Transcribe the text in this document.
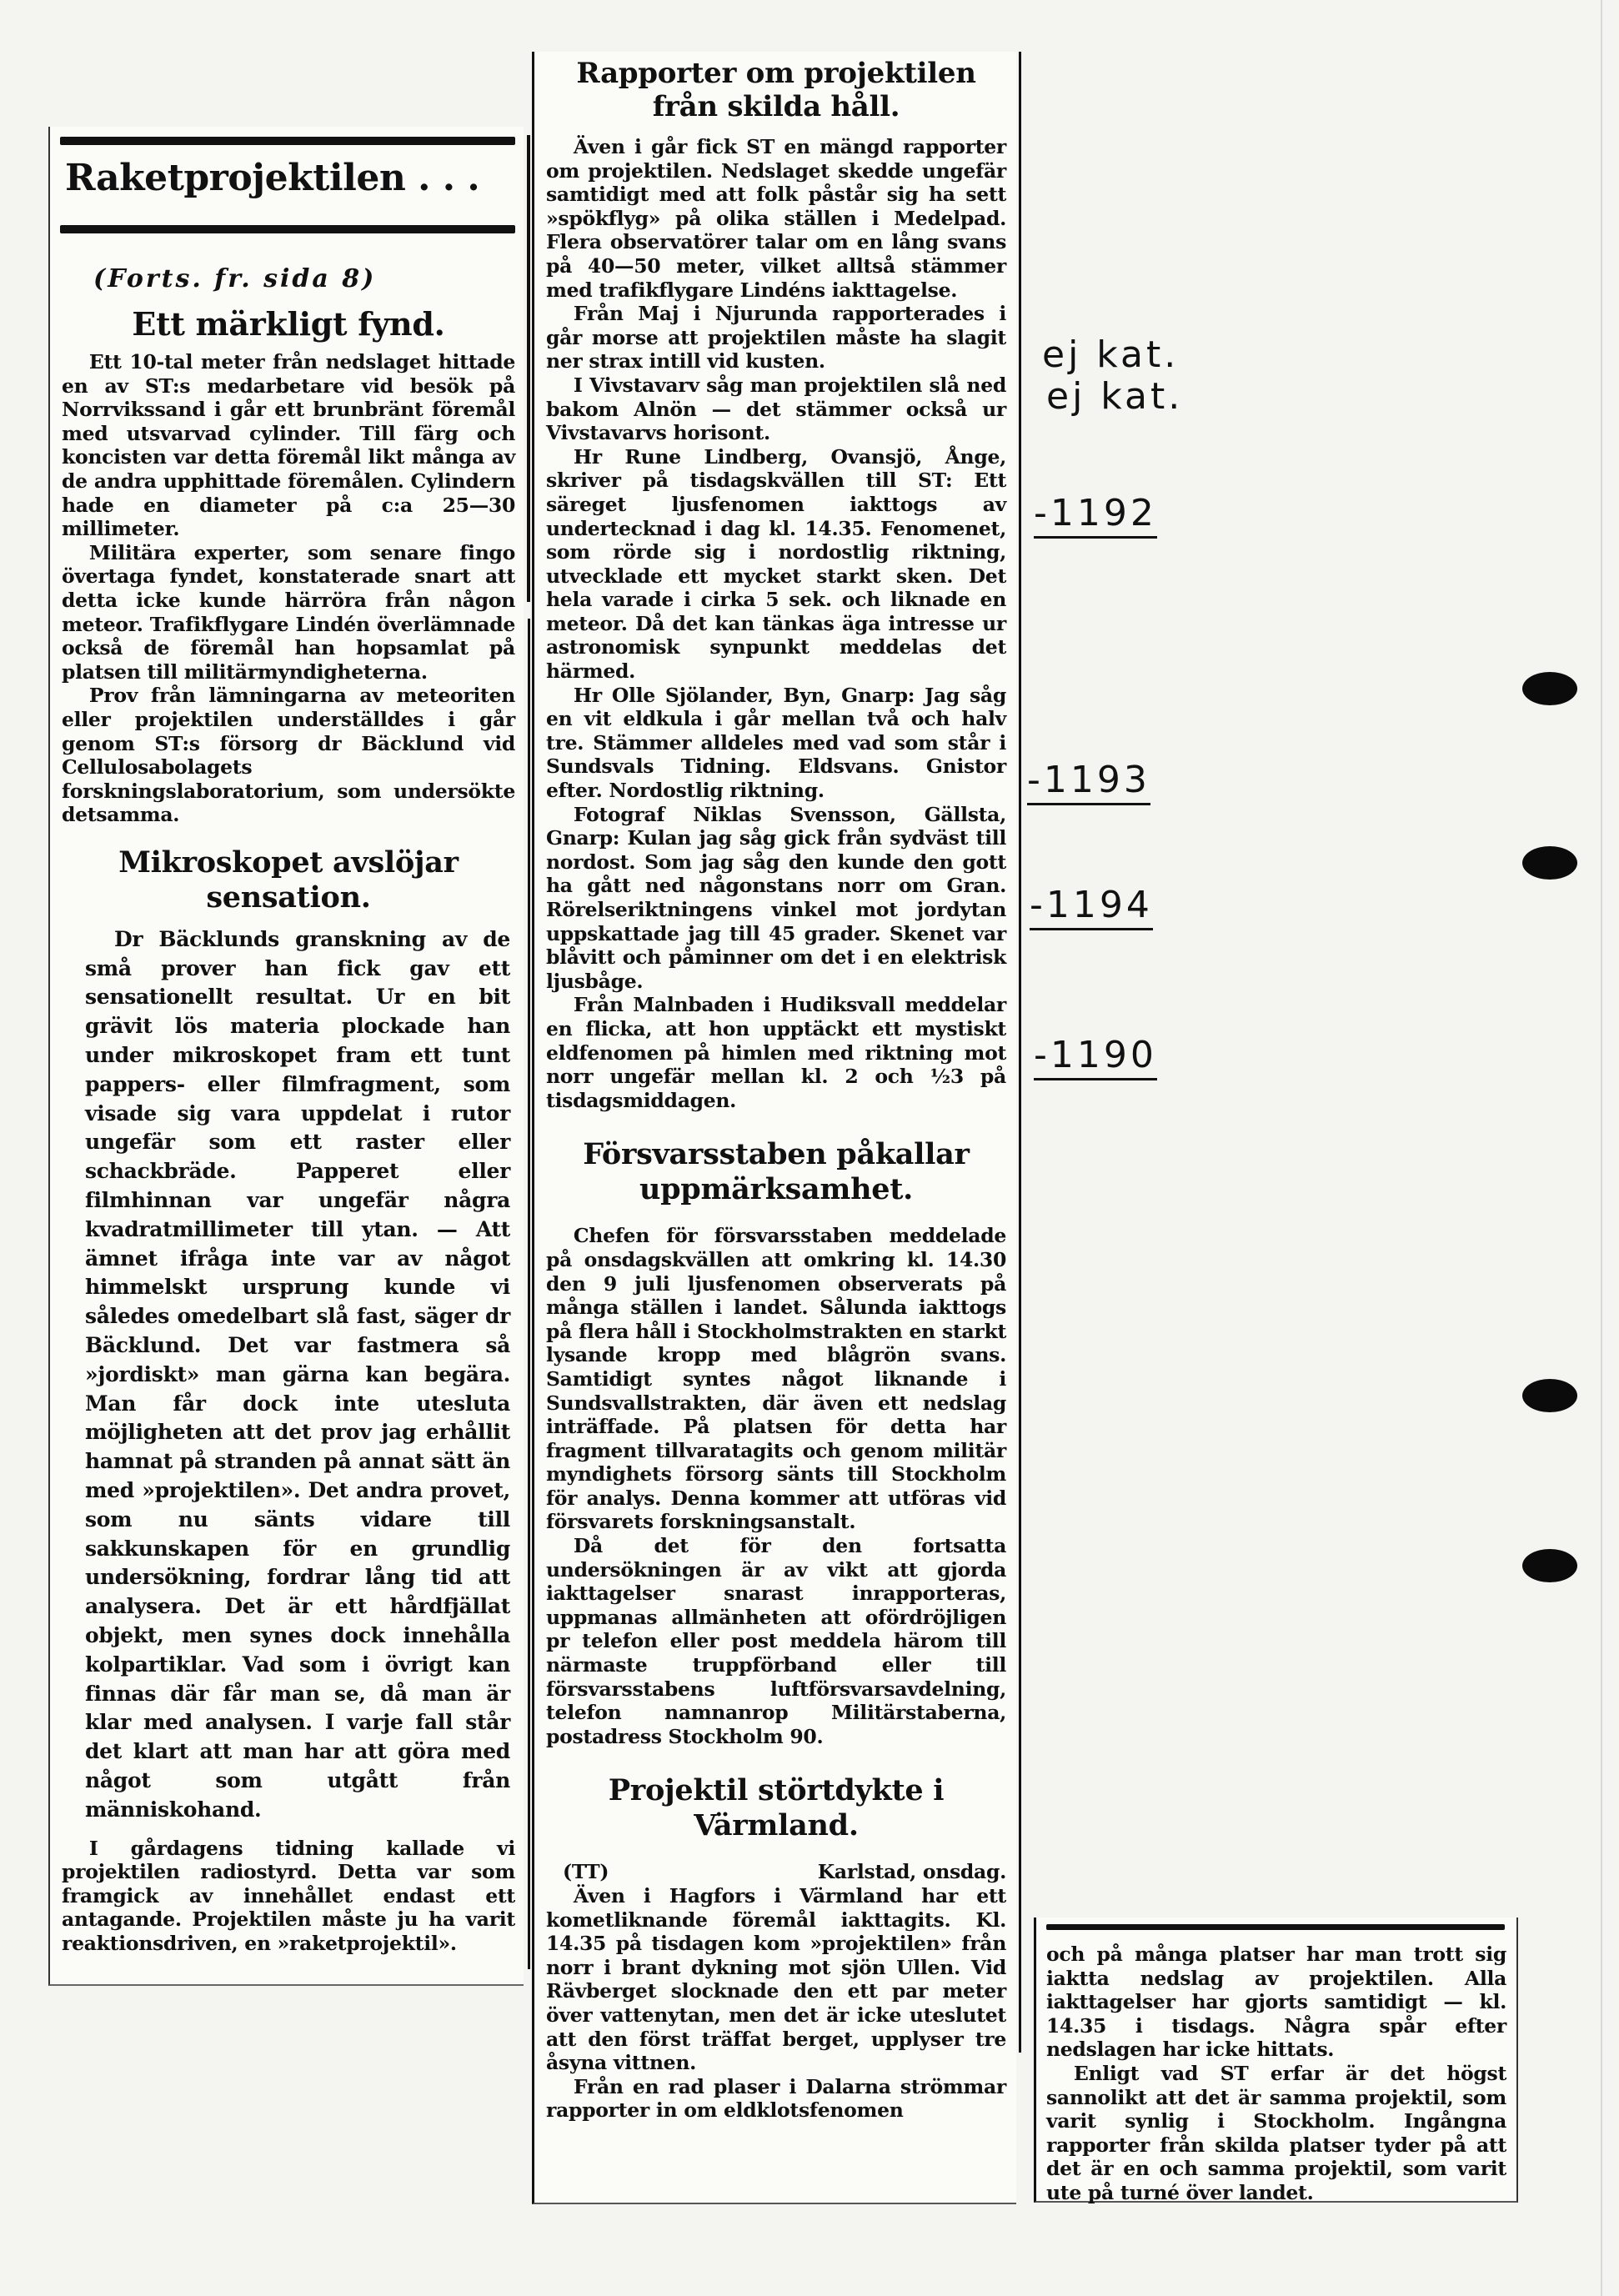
Raketprojektilen . . .
(Forts. fr. sida 8)
Ett märkligt fynd.

Ett 10-tal meter från nedslaget hittade en av ST:s medarbetare vid besök på Norrvikssand i går ett brunbränt föremål med utsvarvad cylinder. Till färg och koncisten var detta föremål likt många av de andra upphittade föremålen. Cylindern hade en diameter på c:a 25—30 millimeter.

Militära experter, som senare fingo övertaga fyndet, konstaterade snart att detta icke kunde härröra från någon meteor. Trafikflygare Lindén överlämnade också de föremål han hopsamlat på platsen till militärmyndigheterna.

Prov från lämningarna av meteoriten eller projektilen underställdes i går genom ST:s försorg dr Bäcklund vid Cellulosabolagets forskningslaboratorium, som undersökte detsamma.

Mikroskopet avslöjar sensation.

Dr Bäcklunds granskning av de små prover han fick gav ett sensationellt resultat. Ur en bit grävit lös materia plockade han under mikroskopet fram ett tunt pappers- eller filmfragment, som visade sig vara uppdelat i rutor ungefär som ett raster eller schackbräde. Papperet eller filmhinnan var ungefär några kvadratmillimeter till ytan. — Att ämnet ifråga inte var av något himmelskt ursprung kunde vi således omedelbart slå fast, säger dr Bäcklund. Det var fastmera så »jordiskt» man gärna kan begära. Man får dock inte utesluta möjligheten att det prov jag erhållit hamnat på stranden på annat sätt än med »projektilen». Det andra provet, som nu sänts vidare till sakkunskapen för en grundlig undersökning, fordrar lång tid att analysera. Det är ett hårdfjällat objekt, men synes dock innehålla kolpartiklar. Vad som i övrigt kan finnas där får man se, då man är klar med analysen. I varje fall står det klart att man har att göra med något som utgått från människohand.

I gårdagens tidning kallade vi projektilen radiostyrd. Detta var som framgick av innehållet endast ett antagande. Projektilen måste ju ha varit reaktionsdriven, en »raketprojektil».

Rapporter om projektilen från skilda håll.

Även i går fick ST en mängd rapporter om projektilen. Nedslaget skedde ungefär samtidigt med att folk påstår sig ha sett »spökflyg» på olika ställen i Medelpad. Flera observatörer talar om en lång svans på 40—50 meter, vilket alltså stämmer med trafikflygare Lindéns iakttagelse.

Från Maj i Njurunda rapporterades i går morse att projektilen måste ha slagit ner strax intill vid kusten.

I Vivstavarv såg man projektilen slå ned bakom Alnön — det stämmer också ur Vivstavarvs horisont.

Hr Rune Lindberg, Ovansjö, Ånge, skriver på tisdagskvällen till ST: Ett säreget ljusfenomen iakttogs av undertecknad i dag kl. 14.35. Fenomenet, som rörde sig i nordostlig riktning, utvecklade ett mycket starkt sken. Det hela varade i cirka 5 sek. och liknade en meteor. Då det kan tänkas äga intresse ur astronomisk synpunkt meddelas det härmed.

Hr Olle Sjölander, Byn, Gnarp: Jag såg en vit eldkula i går mellan två och halv tre. Stämmer alldeles med vad som står i Sundsvals Tidning. Eldsvans. Gnistor efter. Nordostlig riktning.

Fotograf Niklas Svensson, Gällsta, Gnarp: Kulan jag såg gick från sydväst till nordost. Som jag såg den kunde den gott ha gått ned någonstans norr om Gran. Rörelseriktningens vinkel mot jordytan uppskattade jag till 45 grader. Skenet var blåvitt och påminner om det i en elektrisk ljusbåge.

Från Malnbaden i Hudiksvall meddelar en flicka, att hon upptäckt ett mystiskt eldfenomen på himlen med riktning mot norr ungefär mellan kl. 2 och ½3 på tisdagsmiddagen.

Försvarsstaben påkallar uppmärksamhet.

Chefen för försvarsstaben meddelade på onsdagskvällen att omkring kl. 14.30 den 9 juli ljusfenomen observerats på många ställen i landet. Sålunda iakttogs på flera håll i Stockholmstrakten en starkt lysande kropp med blågrön svans. Samtidigt syntes något liknande i Sundsvallstrakten, där även ett nedslag inträffade. På platsen för detta har fragment tillvaratagits och genom militär myndighets försorg sänts till Stockholm för analys. Denna kommer att utföras vid försvarets forskningsanstalt.

Då det för den fortsatta undersökningen är av vikt att gjorda iakttagelser snarast inrapporteras, uppmanas allmänheten att ofördröjligen pr telefon eller post meddela härom till närmaste truppförband eller till försvarsstabens luftförsvarsavdelning, telefon namnanrop Militärstaberna, postadress Stockholm 90.

Projektil störtdykte i Värmland.
(TT)	Karlstad, onsdag.

Även i Hagfors i Värmland har ett kometliknande föremål iakttagits. Kl. 14.35 på tisdagen kom »projektilen» från norr i brant dykning mot sjön Ullen. Vid Rävberget slocknade den ett par meter över vattenytan, men det är icke uteslutet att den först träffat berget, upplyser tre åsyna vittnen.

Från en rad plaser i Dalarna strömmar rapporter in om eldklotsfenomen

och på många platser har man trott sig iaktta nedslag av projektilen. Alla iakttagelser har gjorts samtidigt — kl. 14.35 i tisdags. Några spår efter nedslagen har icke hittats.

Enligt vad ST erfar är det högst sannolikt att det är samma projektil, som varit synlig i Stockholm. Ingångna rapporter från skilda platser tyder på att det är en och samma projektil, som varit ute på turné över landet.

ej kat.
ej kat.
-1192
-1193
-1194
-1190
